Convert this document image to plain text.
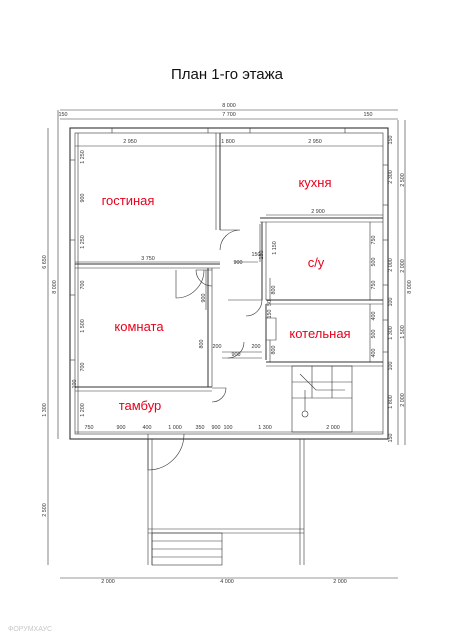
План 1-го этажа
гостиная
кухня
с/у
комната	котельная
тамбур
8 000
7 700
150	150
2 950	1 800	2 950
2 900
3 750
900
150
900
200	200
750	900	400	1 000	350 900 100	1 300	2 000
2 000	4 000	2 000
6 650
8 000
1 300
1 250
900
1 250
700
1 500
700
100
1 200
2 500
2 500
8 000
2 000
1 500
2 000
150
150
2 300
2 000
1 300
1 800
100
100
750
500
750
1 150
400
500
400
800
150
50
150
800
900
800
ФОРУМХАУС
